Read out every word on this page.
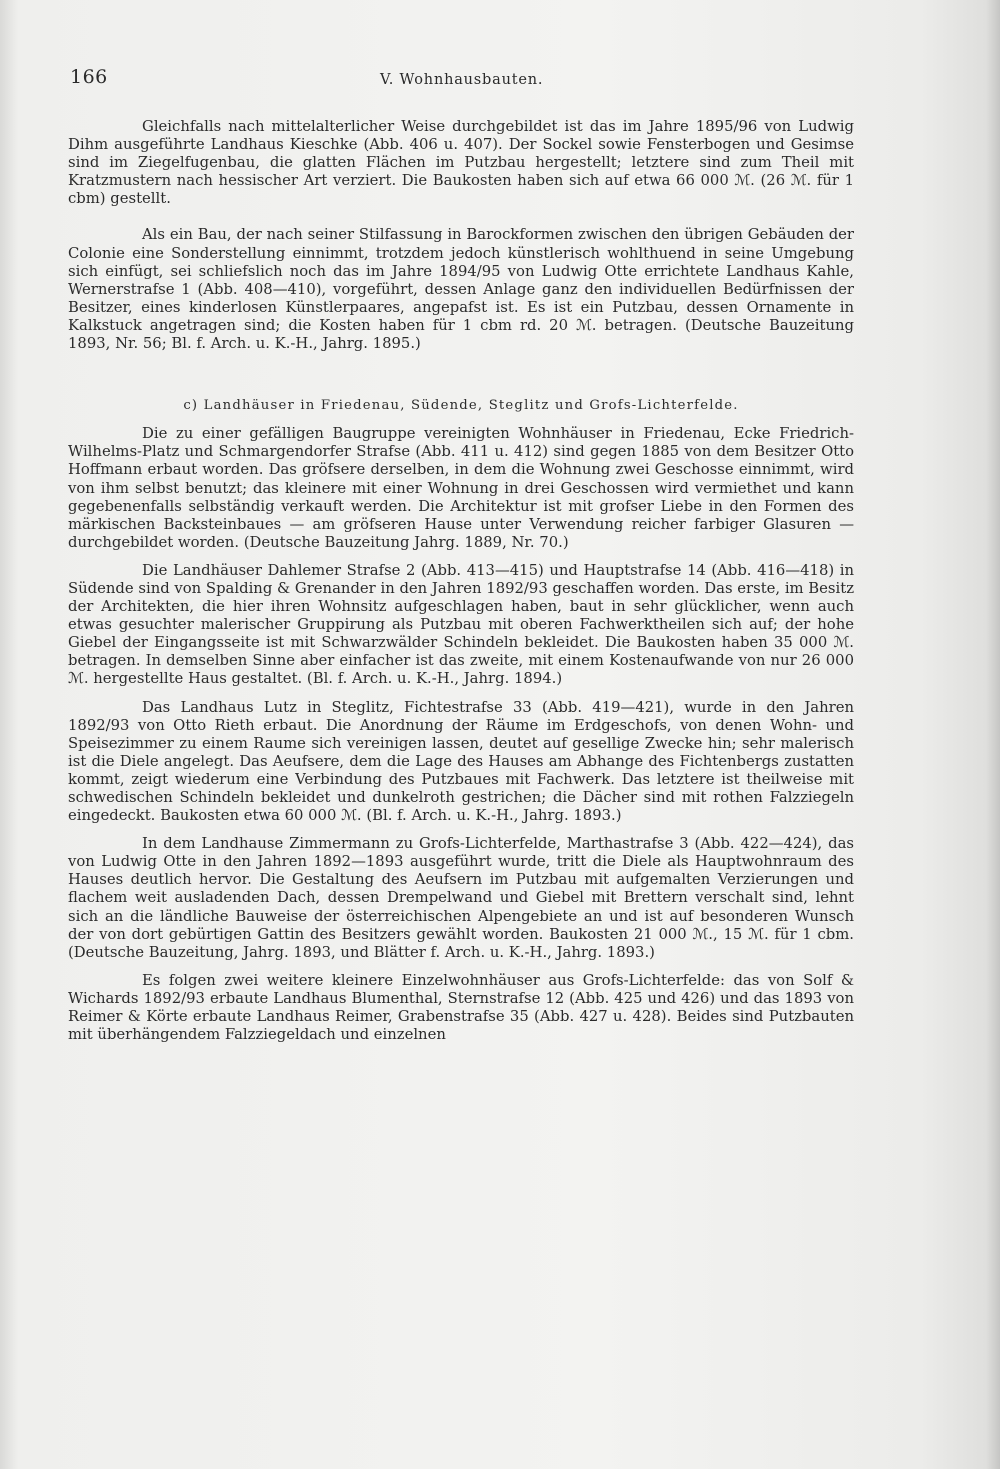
166	V. Wohnhausbauten.

Gleichfalls nach mittelalterlicher Weise durchgebildet ist das im Jahre 1895/96 von Ludwig Dihm ausgeführte Landhaus Kieschke (Abb. 406 u. 407). Der Sockel sowie Fensterbogen und Gesimse sind im Ziegelfugenbau, die glatten Flächen im Putzbau hergestellt; letztere sind zum Theil mit Kratzmustern nach hessischer Art verziert. Die Baukosten haben sich auf etwa 66 000 ℳ. (26 ℳ. für 1 cbm) gestellt.

Als ein Bau, der nach seiner Stilfassung in Barockformen zwischen den übrigen Gebäuden der Colonie eine Sonderstellung einnimmt, trotzdem jedoch künstlerisch wohlthuend in seine Umgebung sich einfügt, sei schliefslich noch das im Jahre 1894/95 von Ludwig Otte errichtete Landhaus Kahle, Wernerstrafse 1 (Abb. 408—410), vorgeführt, dessen Anlage ganz den individuellen Bedürfnissen der Besitzer, eines kinderlosen Künstlerpaares, angepafst ist. Es ist ein Putzbau, dessen Ornamente in Kalkstuck angetragen sind; die Kosten haben für 1 cbm rd. 20 ℳ. betragen. (Deutsche Bauzeitung 1893, Nr. 56; Bl. f. Arch. u. K.-H., Jahrg. 1895.)

c) Landhäuser in Friedenau, Südende, Steglitz und Grofs-Lichterfelde.

Die zu einer gefälligen Baugruppe vereinigten Wohnhäuser in Friedenau, Ecke Friedrich-Wilhelms-Platz und Schmargendorfer Strafse (Abb. 411 u. 412) sind gegen 1885 von dem Besitzer Otto Hoffmann erbaut worden. Das gröfsere derselben, in dem die Wohnung zwei Geschosse einnimmt, wird von ihm selbst benutzt; das kleinere mit einer Wohnung in drei Geschossen wird vermiethet und kann gegebenenfalls selbständig verkauft werden. Die Architektur ist mit grofser Liebe in den Formen des märkischen Backsteinbaues — am gröfseren Hause unter Verwendung reicher farbiger Glasuren — durchgebildet worden. (Deutsche Bauzeitung Jahrg. 1889, Nr. 70.)

Die Landhäuser Dahlemer Strafse 2 (Abb. 413—415) und Hauptstrafse 14 (Abb. 416—418) in Südende sind von Spalding & Grenander in den Jahren 1892/93 geschaffen worden. Das erste, im Besitz der Architekten, die hier ihren Wohnsitz aufgeschlagen haben, baut in sehr glücklicher, wenn auch etwas gesuchter malerischer Gruppirung als Putzbau mit oberen Fachwerktheilen sich auf; der hohe Giebel der Eingangsseite ist mit Schwarzwälder Schindeln bekleidet. Die Baukosten haben 35 000 ℳ. betragen. In demselben Sinne aber einfacher ist das zweite, mit einem Kostenaufwande von nur 26 000 ℳ. hergestellte Haus gestaltet. (Bl. f. Arch. u. K.-H., Jahrg. 1894.)

Das Landhaus Lutz in Steglitz, Fichtestrafse 33 (Abb. 419—421), wurde in den Jahren 1892/93 von Otto Rieth erbaut. Die Anordnung der Räume im Erdgeschofs, von denen Wohn- und Speisezimmer zu einem Raume sich vereinigen lassen, deutet auf gesellige Zwecke hin; sehr malerisch ist die Diele angelegt. Das Aeufsere, dem die Lage des Hauses am Abhange des Fichtenbergs zustatten kommt, zeigt wiederum eine Verbindung des Putzbaues mit Fachwerk. Das letztere ist theilweise mit schwedischen Schindeln bekleidet und dunkelroth gestrichen; die Dächer sind mit rothen Falzziegeln eingedeckt. Baukosten etwa 60 000 ℳ. (Bl. f. Arch. u. K.-H., Jahrg. 1893.)

In dem Landhause Zimmermann zu Grofs-Lichterfelde, Marthastrafse 3 (Abb. 422—424), das von Ludwig Otte in den Jahren 1892—1893 ausgeführt wurde, tritt die Diele als Hauptwohnraum des Hauses deutlich hervor. Die Gestaltung des Aeufsern im Putzbau mit aufgemalten Verzierungen und flachem weit ausladenden Dach, dessen Drempelwand und Giebel mit Brettern verschalt sind, lehnt sich an die ländliche Bauweise der österreichischen Alpengebiete an und ist auf besonderen Wunsch der von dort gebürtigen Gattin des Besitzers gewählt worden. Baukosten 21 000 ℳ., 15 ℳ. für 1 cbm. (Deutsche Bauzeitung, Jahrg. 1893, und Blätter f. Arch. u. K.-H., Jahrg. 1893.)

Es folgen zwei weitere kleinere Einzelwohnhäuser aus Grofs-Lichterfelde: das von Solf & Wichards 1892/93 erbaute Landhaus Blumenthal, Sternstrafse 12 (Abb. 425 und 426) und das 1893 von Reimer & Körte erbaute Landhaus Reimer, Grabenstrafse 35 (Abb. 427 u. 428). Beides sind Putzbauten mit überhängendem Falzziegeldach und einzelnen
